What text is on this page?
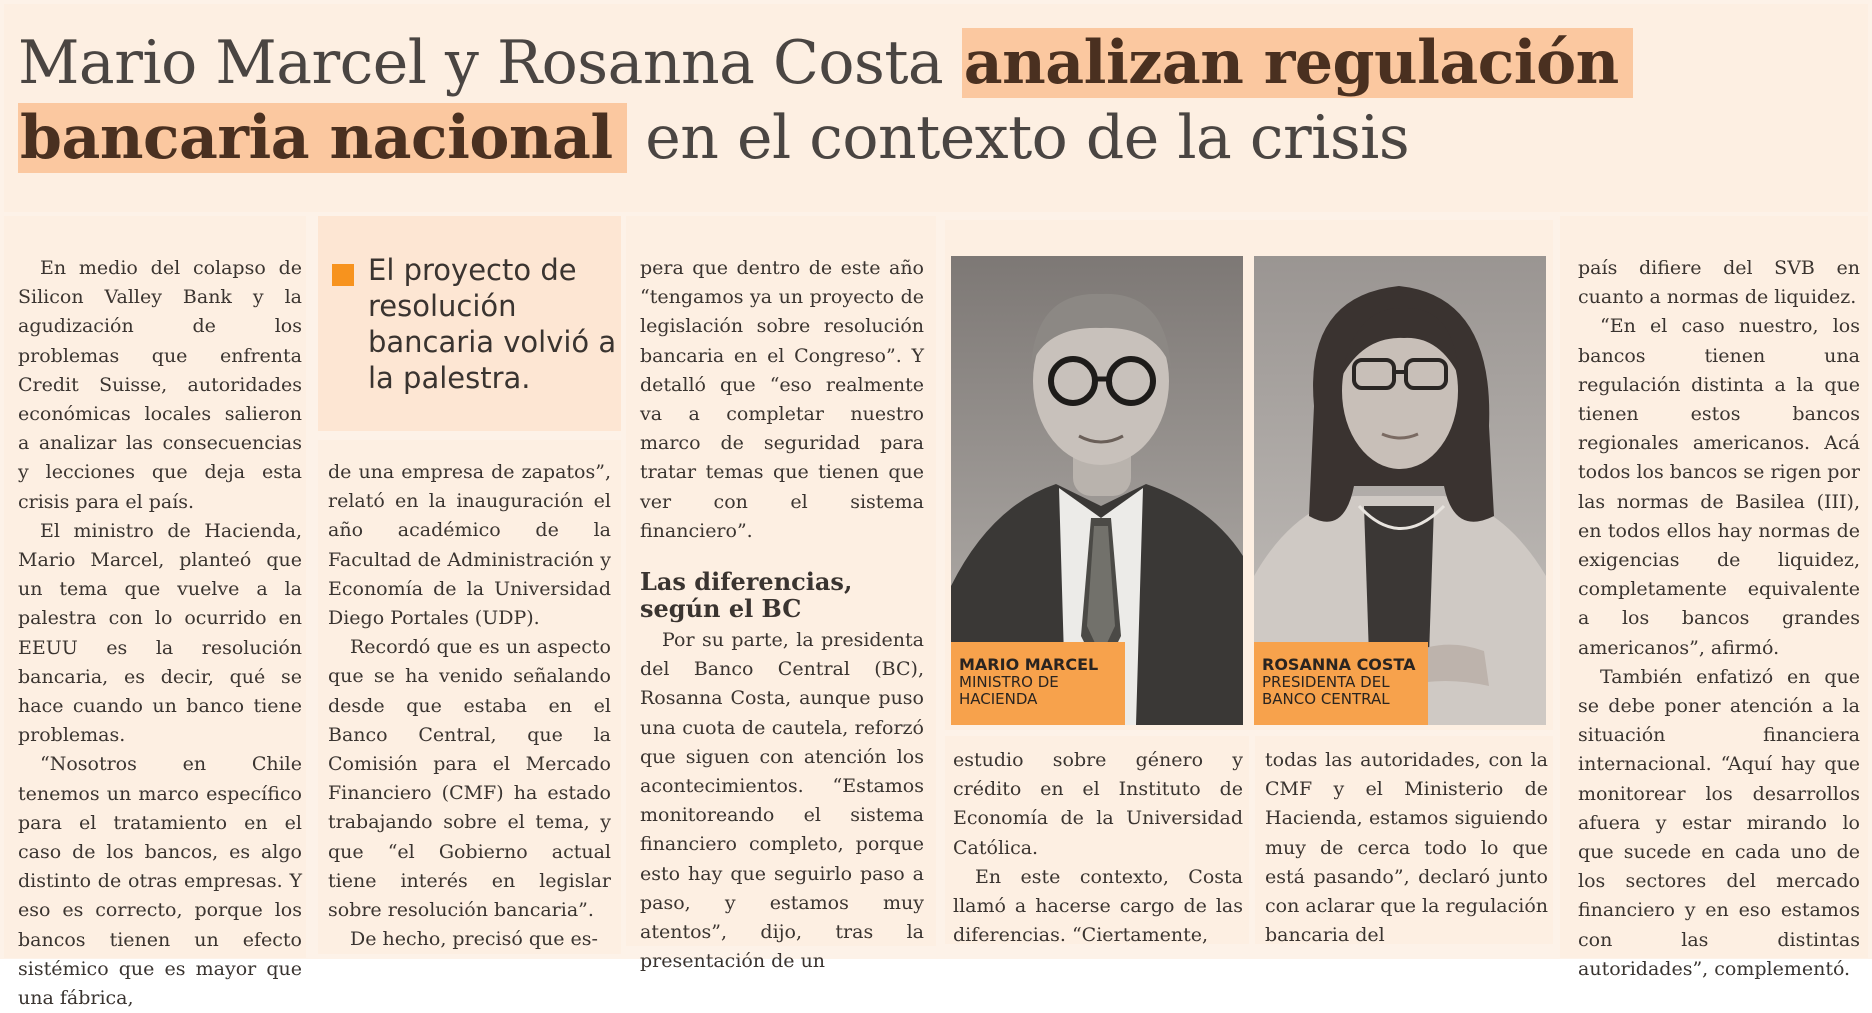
Mario Marcel y Rosanna Costa analizan regulación
bancaria nacional en el contexto de la crisis

En medio del colapso de Silicon Valley Bank y la agudización de los problemas que enfrenta Credit Suisse, autoridades económicas locales salieron a analizar las consecuencias y lecciones que deja esta crisis para el país.

El ministro de Hacienda, Mario Marcel, planteó que un tema que vuelve a la palestra con lo ocurrido en EEUU es la resolución bancaria, es decir, qué se hace cuando un banco tiene problemas.

“Nosotros en Chile tenemos un marco específico para el tratamiento en el caso de los bancos, es algo distinto de otras empresas. Y eso es correcto, porque los bancos tienen un efecto sistémico que es mayor que una fábrica,

El proyecto de resolución bancaria volvió a la palestra.

de una empresa de zapatos”, relató en la inauguración el año académico de la Facultad de Administración y Economía de la Universidad Diego Portales (UDP).

Recordó que es un aspecto que se ha venido señalando desde que estaba en el Banco Central, que la Comisión para el Mercado Financiero (CMF) ha estado trabajando sobre el tema, y que “el Gobierno actual tiene interés en legislar sobre resolución bancaria”.

De hecho, precisó que es-

pera que dentro de este año “tengamos ya un proyecto de legislación sobre resolución bancaria en el Congreso”. Y detalló que “eso realmente va a completar nuestro marco de seguridad para tratar temas que tienen que ver con el sistema financiero”.

Las diferencias, según el BC

Por su parte, la presidenta del Banco Central (BC), Rosanna Costa, aunque puso una cuota de cautela, reforzó que siguen con atención los acontecimientos. “Estamos monitoreando el sistema financiero completo, porque esto hay que seguirlo paso a paso, y estamos muy atentos”, dijo, tras la presentación de un

MARIO MARCEL
MINISTRO DE HACIENDA
ROSANNA COSTA
PRESIDENTA DEL BANCO CENTRAL

estudio sobre género y crédito en el Instituto de Economía de la Universidad Católica.

En este contexto, Costa llamó a hacerse cargo de las diferencias. “Ciertamente,

todas las autoridades, con la CMF y el Ministerio de Hacienda, estamos siguiendo muy de cerca todo lo que está pasando”, declaró junto con aclarar que la regulación bancaria del

país difiere del SVB en cuanto a normas de liquidez.

“En el caso nuestro, los bancos tienen una regulación distinta a la que tienen estos bancos regionales americanos. Acá todos los bancos se rigen por las normas de Basilea (III), en todos ellos hay normas de exigencias de liquidez, completamente equivalente a los bancos grandes americanos”, afirmó.

También enfatizó en que se debe poner atención a la situación financiera internacional. “Aquí hay que monitorear los desarrollos afuera y estar mirando lo que sucede en cada uno de los sectores del mercado financiero y en eso estamos con las distintas autoridades”, complementó.
